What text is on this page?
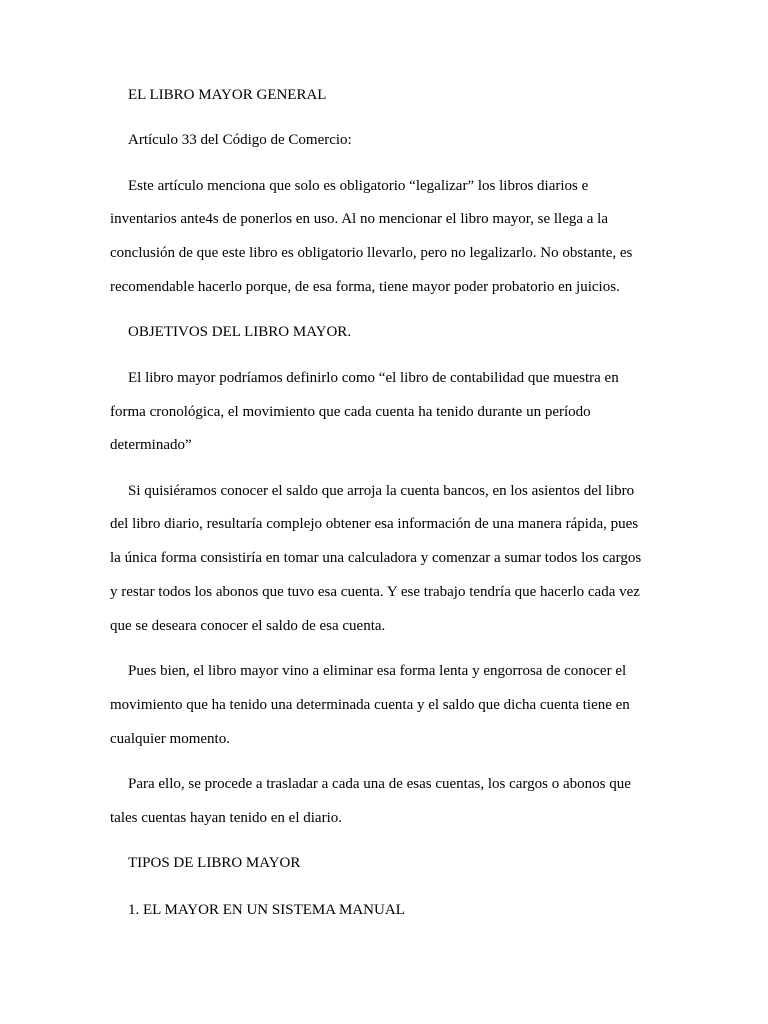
EL LIBRO MAYOR GENERAL
Artículo 33 del Código de Comercio:
Este artículo menciona que solo es obligatorio “legalizar” los libros diarios e
inventarios ante4s de ponerlos en uso. Al no mencionar el libro mayor, se llega a la
conclusión de que este libro es obligatorio llevarlo, pero no legalizarlo. No obstante, es
recomendable hacerlo porque, de esa forma, tiene mayor poder probatorio en juicios.
OBJETIVOS DEL LIBRO MAYOR.
El libro mayor podríamos definirlo como “el libro de contabilidad que muestra en
forma cronológica, el movimiento que cada cuenta ha tenido durante un período
determinado”
Si quisiéramos conocer el saldo que arroja la cuenta bancos, en los asientos del libro
del libro diario, resultaría complejo obtener esa información de una manera rápida, pues
la única forma consistiría en tomar una calculadora y comenzar a sumar todos los cargos
y restar todos los abonos que tuvo esa cuenta. Y ese trabajo tendría que hacerlo cada vez
que se deseara conocer el saldo de esa cuenta.
Pues bien, el libro mayor vino a eliminar esa forma lenta y engorrosa de conocer el
movimiento que ha tenido una determinada cuenta y el saldo que dicha cuenta tiene en
cualquier momento.
Para ello, se procede a trasladar a cada una de esas cuentas, los cargos o abonos que
tales cuentas hayan tenido en el diario.
TIPOS DE LIBRO MAYOR
1. EL MAYOR EN UN SISTEMA MANUAL
